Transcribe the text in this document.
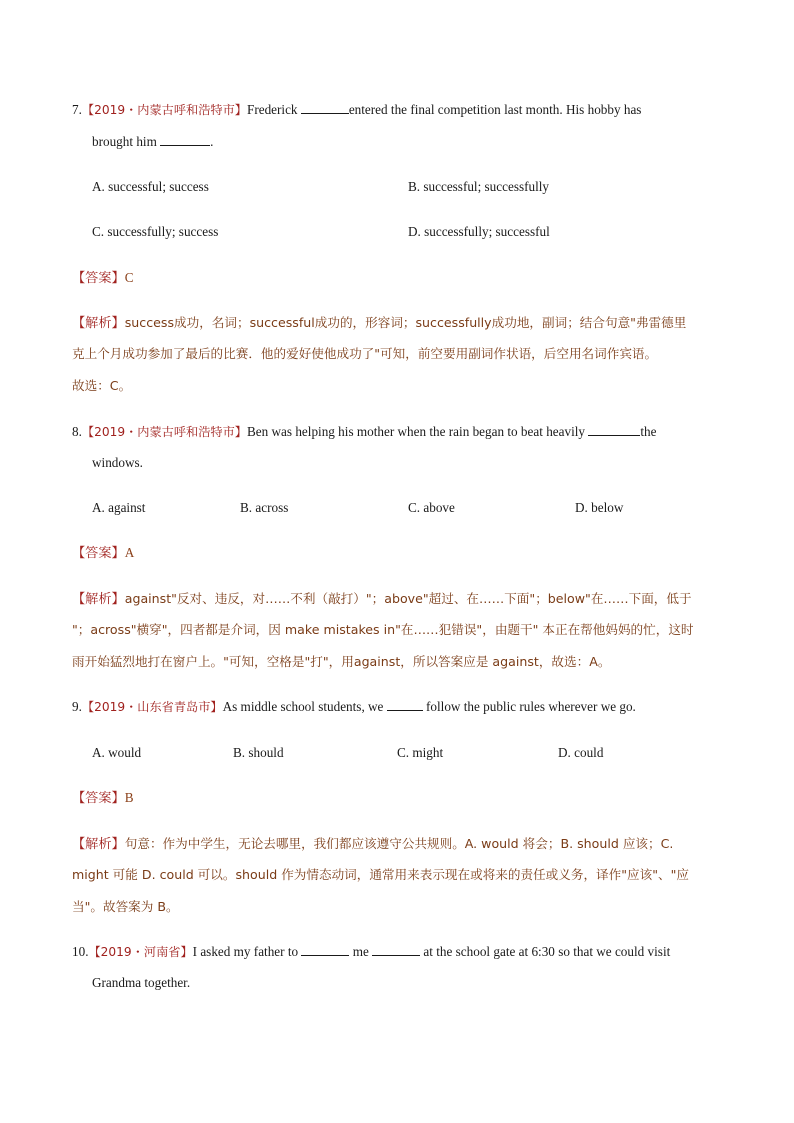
7.【2019・内蒙古呼和浩特市】Frederick	entered the final competition last month. His hobby has
brought him	.
A. successful; success	B. successful; successfully
C. successfully; success	D. successfully; successful
【答案】C
【解析】success成功，名词；successful成功的，形容词；successfully成功地，副词；结合句意"弗雷德里
克上个月成功参加了最后的比赛．他的爱好使他成功了"可知，前空要用副词作状语，后空用名词作宾语。
故选：C。
8.【2019・内蒙古呼和浩特市】Ben was helping his mother when the rain began to beat heavily	the
windows.
A. against	B. across	C. above	D. below
【答案】A
【解析】against"反对、违反，对……不利（敲打）"；above"超过、在……下面"；below"在……下面，低于
"；across"横穿"，四者都是介词，因 make mistakes in"在……犯错误"，由题干" 本正在帮他妈妈的忙，这时
雨开始猛烈地打在窗户上。"可知，空格是"打"，用against，所以答案应是 against，故选：A。
9.【2019・山东省青岛市】As middle school students, we	follow the public rules wherever we go.
A. would	B. should	C. might	D. could
【答案】B
【解析】句意：作为中学生，无论去哪里，我们都应该遵守公共规则。A. would 将会；B. should 应该；C.
might 可能 D. could 可以。should 作为情态动词，通常用来表示现在或将来的责任或义务，译作"应该"、"应
当"。故答案为 B。
10.【2019・河南省】I asked my father to	me	at the school gate at 6:30 so that we could visit
Grandma together.
